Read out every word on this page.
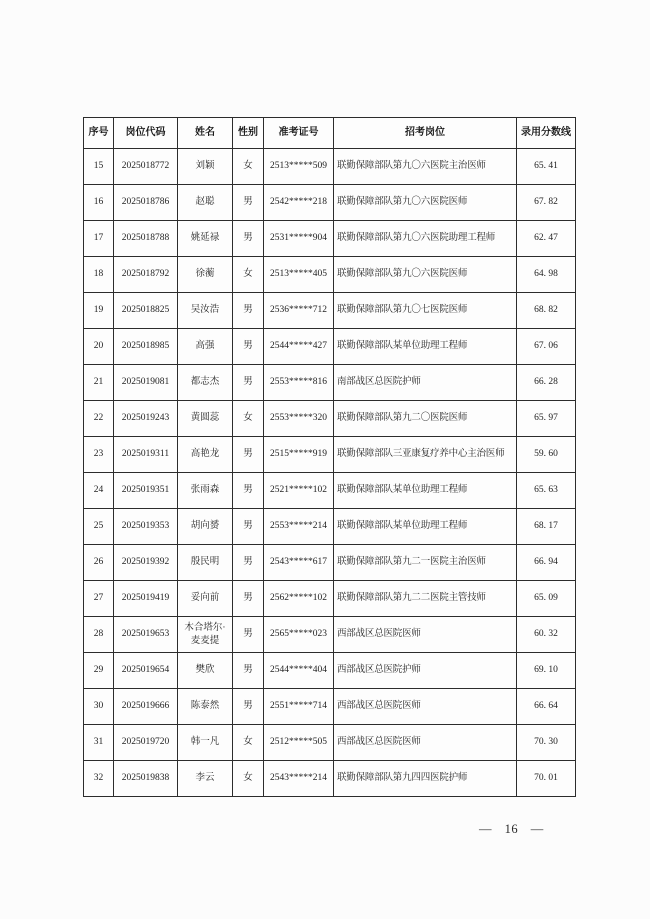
序号	岗位代码	姓名	性别	准考证号	招考岗位	录用分数线
15	2025018772	刘颖	女	2513*****509	联勤保障部队第九〇六医院主治医师	65. 41
16	2025018786	赵聪	男	2542*****218	联勤保障部队第九〇六医院医师	67. 82
17	2025018788	姚延禄	男	2531*****904	联勤保障部队第九〇六医院助理工程师	62. 47
18	2025018792	徐蘅	女	2513*****405	联勤保障部队第九〇六医院医师	64. 98
19	2025018825	吴汝浩	男	2536*****712	联勤保障部队第九〇七医院医师	68. 82
20	2025018985	高强	男	2544*****427	联勤保障部队某单位助理工程师	67. 06
21	2025019081	都志杰	男	2553*****816	南部战区总医院护师	66. 28
22	2025019243	黄圆蕊	女	2553*****320	联勤保障部队第九二〇医院医师	65. 97
23	2025019311	高艳龙	男	2515*****919	联勤保障部队三亚康复疗养中心主治医师	59. 60
24	2025019351	张雨森	男	2521*****102	联勤保障部队某单位助理工程师	65. 63
25	2025019353	胡向赟	男	2553*****214	联勤保障部队某单位助理工程师	68. 17
26	2025019392	殷民明	男	2543*****617	联勤保障部队第九二一医院主治医师	66. 94
27	2025019419	妥向前	男	2562*****102	联勤保障部队第九二二医院主管技师	65. 09
28	2025019653	木合塔尔·麦麦提	男	2565*****023	西部战区总医院医师	60. 32
29	2025019654	樊欣	男	2544*****404	西部战区总医院护师	69. 10
30	2025019666	陈泰然	男	2551*****714	西部战区总医院医师	66. 64
31	2025019720	韩一凡	女	2512*****505	西部战区总医院医师	70. 30
32	2025019838	李云	女	2543*****214	联勤保障部队第九四四医院护师	70. 01
— 16 —
